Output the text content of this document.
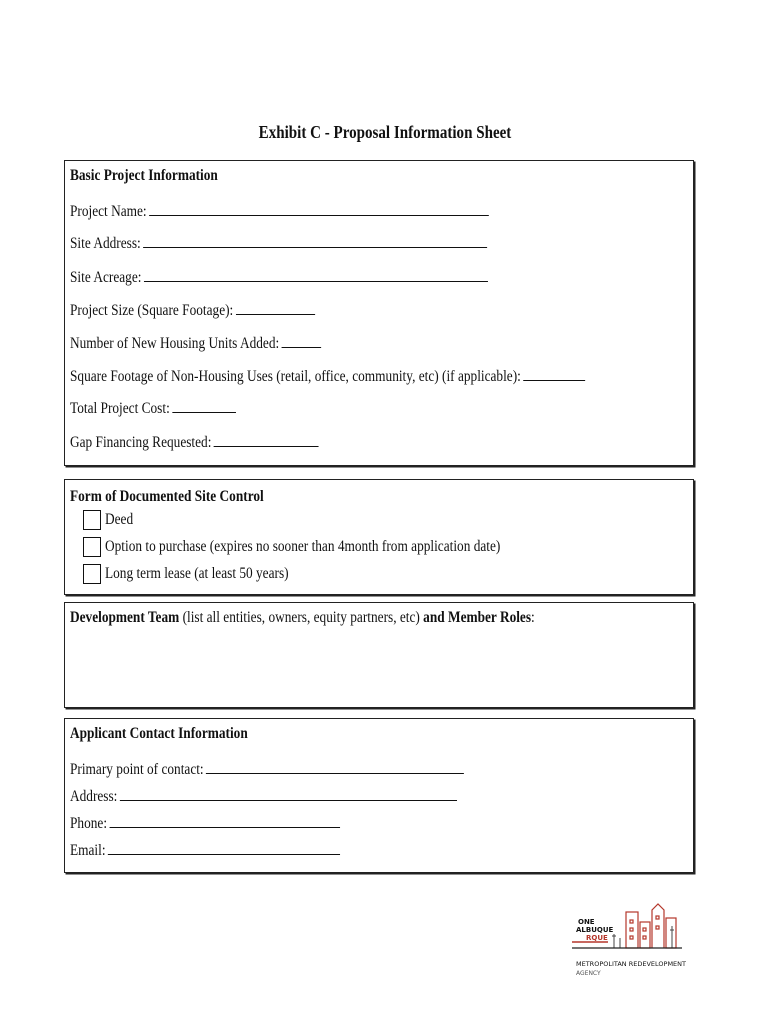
Exhibit C - Proposal Information Sheet
Basic Project Information
Project Name:
Site Address:
Site Acreage:
Project Size (Square Footage):
Number of New Housing Units Added:
Square Footage of Non-Housing Uses (retail, office, community, etc) (if applicable):
Total Project Cost:
Gap Financing Requested:
Form of Documented Site Control
Deed
Option to purchase (expires no sooner than 4month from application date)
Long term lease (at least 50 years)
Development Team (list all entities, owners, equity partners, etc) and Member Roles:
Applicant Contact Information
Primary point of contact:
Address:
Phone:
Email:
ONE
ALBUQUE
RQUE
METROPOLITAN REDEVELOPMENT
AGENCY
